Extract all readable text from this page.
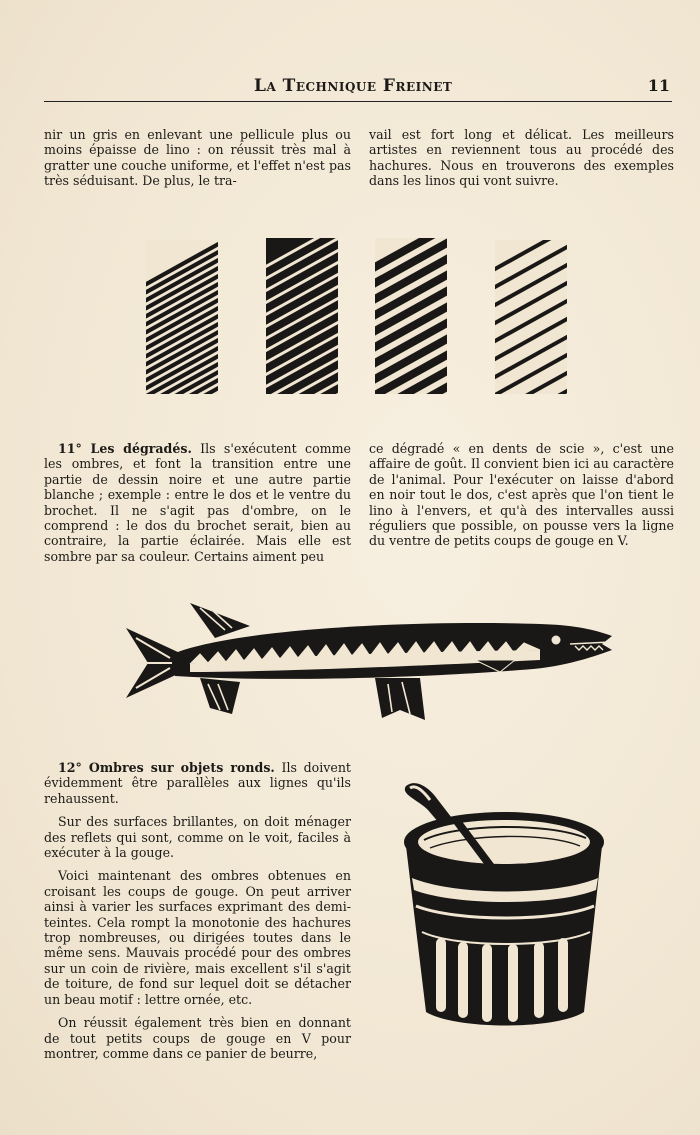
La Technique Freinet	11

nir un gris en enlevant une pellicule plus ou moins épaisse de lino : on réussit très mal à gratter une couche uniforme, et l'effet n'est pas très séduisant. De plus, le tra-

vail est fort long et délicat. Les meilleurs artistes en reviennent tous au procédé des hachures. Nous en trouverons des exemples dans les linos qui vont suivre.

11° Les dégradés. Ils s'exécutent comme les ombres, et font la transition entre une partie de dessin noire et une autre partie blanche ; exemple : entre le dos et le ventre du brochet. Il ne s'agit pas d'ombre, on le comprend : le dos du brochet serait, bien au contraire, la partie éclairée. Mais elle est sombre par sa couleur. Certains aiment peu

ce dégradé « en dents de scie », c'est une affaire de goût. Il convient bien ici au caractère de l'animal. Pour l'exécuter on laisse d'abord en noir tout le dos, c'est après que l'on tient le lino à l'envers, et qu'à des intervalles aussi réguliers que possible, on pousse vers la ligne du ventre de petits coups de gouge en V.

12° Ombres sur objets ronds. Ils doivent évidemment être parallèles aux lignes qu'ils rehaussent.

Sur des surfaces brillantes, on doit ménager des reflets qui sont, comme on le voit, faciles à exécuter à la gouge.

Voici maintenant des ombres obtenues en croisant les coups de gouge. On peut arriver ainsi à varier les surfaces exprimant des demi-teintes. Cela rompt la monotonie des hachures trop nombreuses, ou dirigées toutes dans le même sens. Mauvais procédé pour des ombres sur un coin de rivière, mais excellent s'il s'agit de toiture, de fond sur lequel doit se détacher un beau motif : lettre ornée, etc.

On réussit également très bien en donnant de tout petits coups de gouge en V pour montrer, comme dans ce panier de beurre,
